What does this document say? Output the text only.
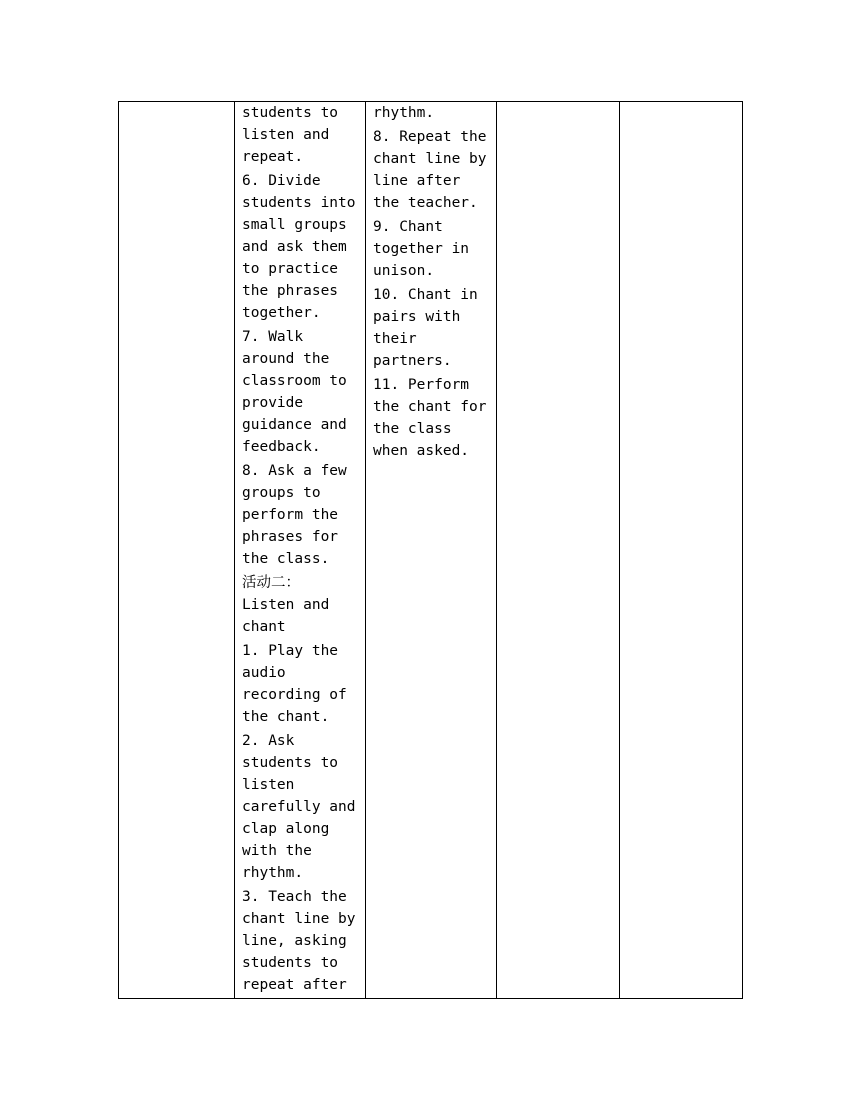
students to
listen and
repeat.
6. Divide
students into
small groups
and ask them
to practice
the phrases
together.
7. Walk
around the
classroom to
provide
guidance and
feedback.
8. Ask a few
groups to
perform the
phrases for
the class.
活动二：
Listen and
chant
1. Play the
audio
recording of
the chant.
2. Ask
students to
listen
carefully and
clap along
with the
rhythm.
3. Teach the
chant line by
line, asking
students to
repeat after

rhythm.
8. Repeat the
chant line by
line after
the teacher.
9. Chant
together in
unison.
10. Chant in
pairs with
their
partners.
11. Perform
the chant for
the class
when asked.
